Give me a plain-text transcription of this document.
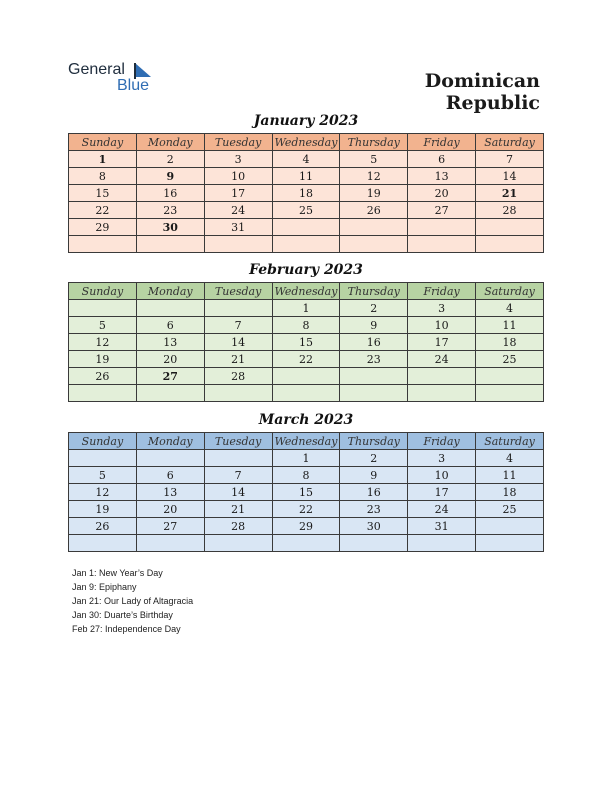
General
Blue	Dominican Republic
January 2023
Sunday	Monday	Tuesday	Wednesday	Thursday	Friday	Saturday
1	2	3	4	5	6	7
8	9	10	11	12	13	14
15	16	17	18	19	20	21
22	23	24	25	26	27	28
29	30	31				

February 2023
Sunday	Monday	Tuesday	Wednesday	Thursday	Friday	Saturday
			1	2	3	4
5	6	7	8	9	10	11
12	13	14	15	16	17	18
19	20	21	22	23	24	25
26	27	28				

March 2023
Sunday	Monday	Tuesday	Wednesday	Thursday	Friday	Saturday
			1	2	3	4
5	6	7	8	9	10	11
12	13	14	15	16	17	18
19	20	21	22	23	24	25
26	27	28	29	30	31	

Jan 1: New Year’s Day
Jan 9: Epiphany
Jan 21: Our Lady of Altagracia
Jan 30: Duarte’s Birthday
Feb 27: Independence Day
